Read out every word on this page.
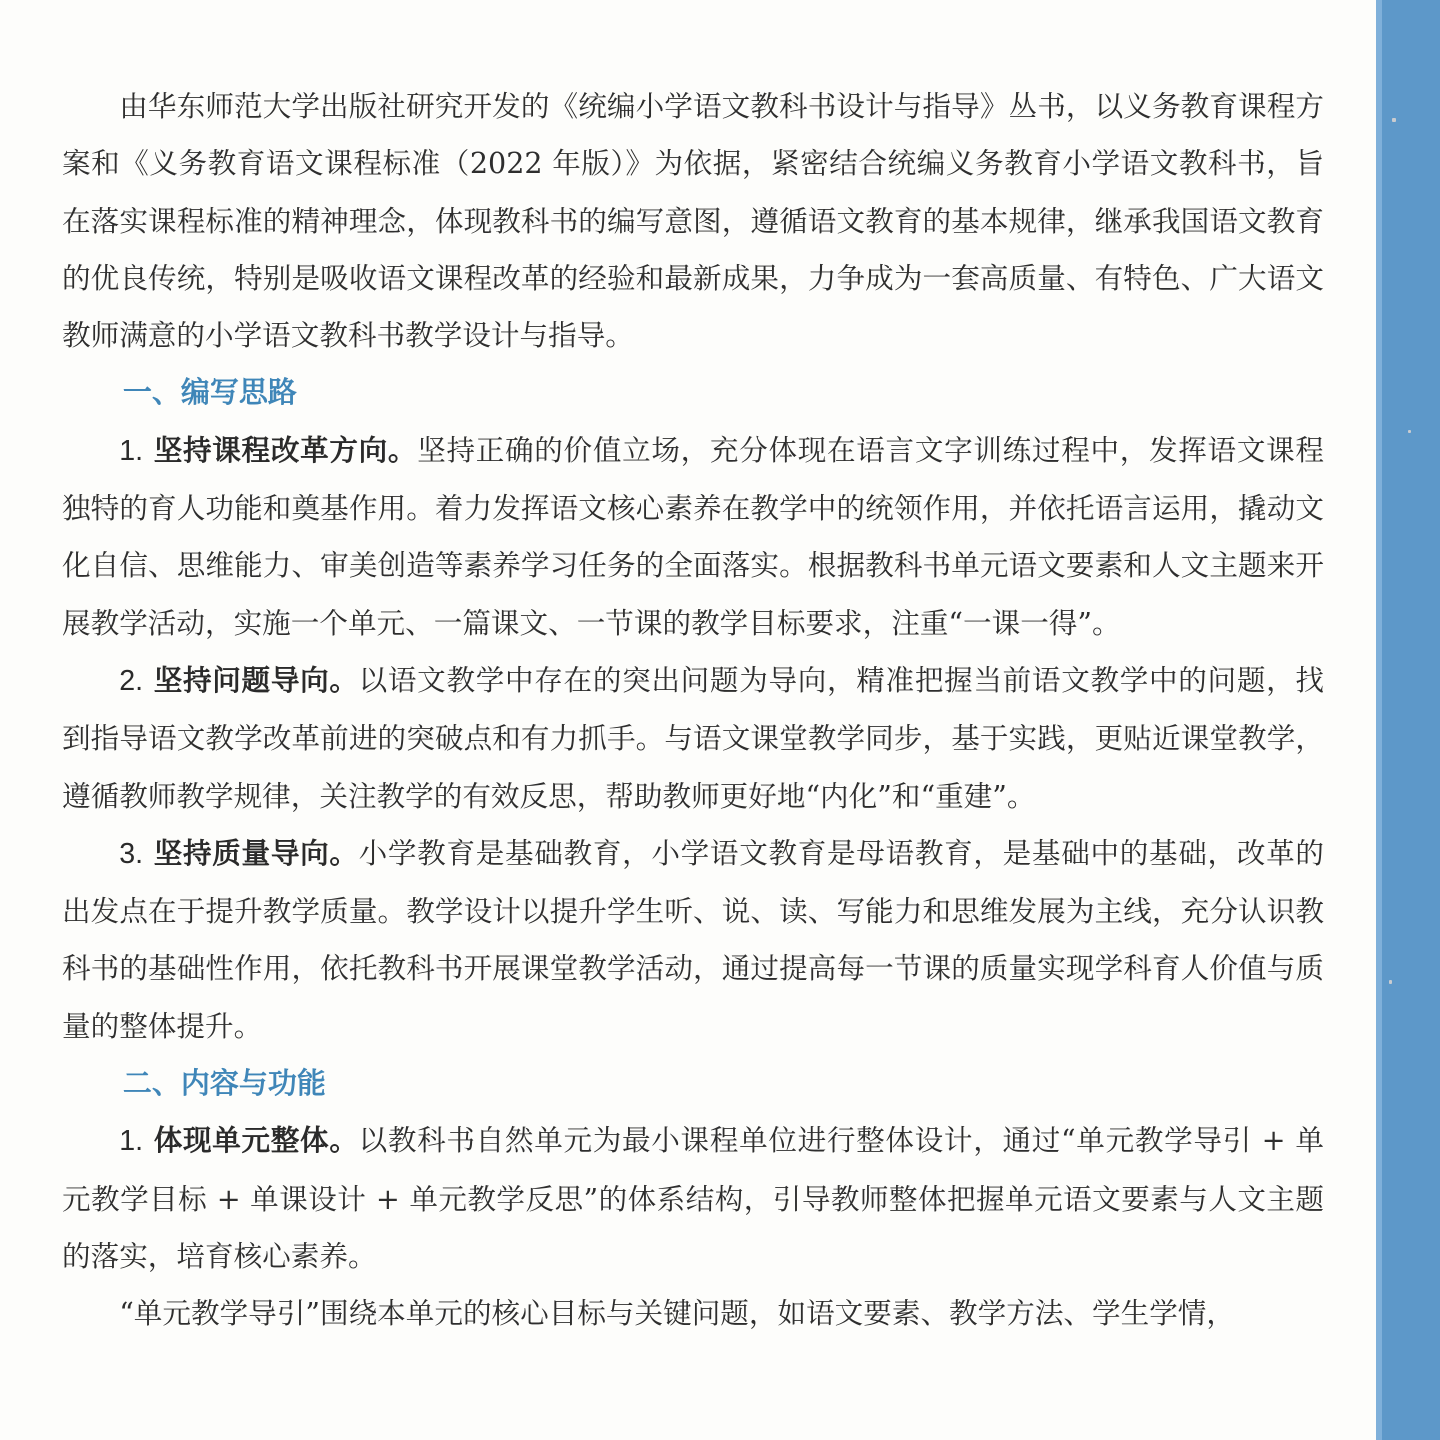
由华东师范大学出版社研究开发的《统编小学语文教科书设计与指导》丛书，以义务教育课程方案和《义务教育语文课程标准（2022 年版）》为依据，紧密结合统编义务教育小学语文教科书，旨在落实课程标准的精神理念，体现教科书的编写意图，遵循语文教育的基本规律，继承我国语文教育的优良传统，特别是吸收语文课程改革的经验和最新成果，力争成为一套高质量、有特色、广大语文教师满意的小学语文教科书教学设计与指导。

一、编写思路

1. 坚持课程改革方向。坚持正确的价值立场，充分体现在语言文字训练过程中，发挥语文课程独特的育人功能和奠基作用。着力发挥语文核心素养在教学中的统领作用，并依托语言运用，撬动文化自信、思维能力、审美创造等素养学习任务的全面落实。根据教科书单元语文要素和人文主题来开展教学活动，实施一个单元、一篇课文、一节课的教学目标要求，注重“一课一得”。

2. 坚持问题导向。以语文教学中存在的突出问题为导向，精准把握当前语文教学中的问题，找到指导语文教学改革前进的突破点和有力抓手。与语文课堂教学同步，基于实践，更贴近课堂教学，遵循教师教学规律，关注教学的有效反思，帮助教师更好地“内化”和“重建”。

3. 坚持质量导向。小学教育是基础教育，小学语文教育是母语教育，是基础中的基础，改革的出发点在于提升教学质量。教学设计以提升学生听、说、读、写能力和思维发展为主线，充分认识教科书的基础性作用，依托教科书开展课堂教学活动，通过提高每一节课的质量实现学科育人价值与质量的整体提升。

二、内容与功能

1. 体现单元整体。以教科书自然单元为最小课程单位进行整体设计，通过“单元教学导引 + 单元教学目标 + 单课设计 + 单元教学反思”的体系结构，引导教师整体把握单元语文要素与人文主题的落实，培育核心素养。

“单元教学导引”围绕本单元的核心目标与关键问题，如语文要素、教学方法、学生学情，
